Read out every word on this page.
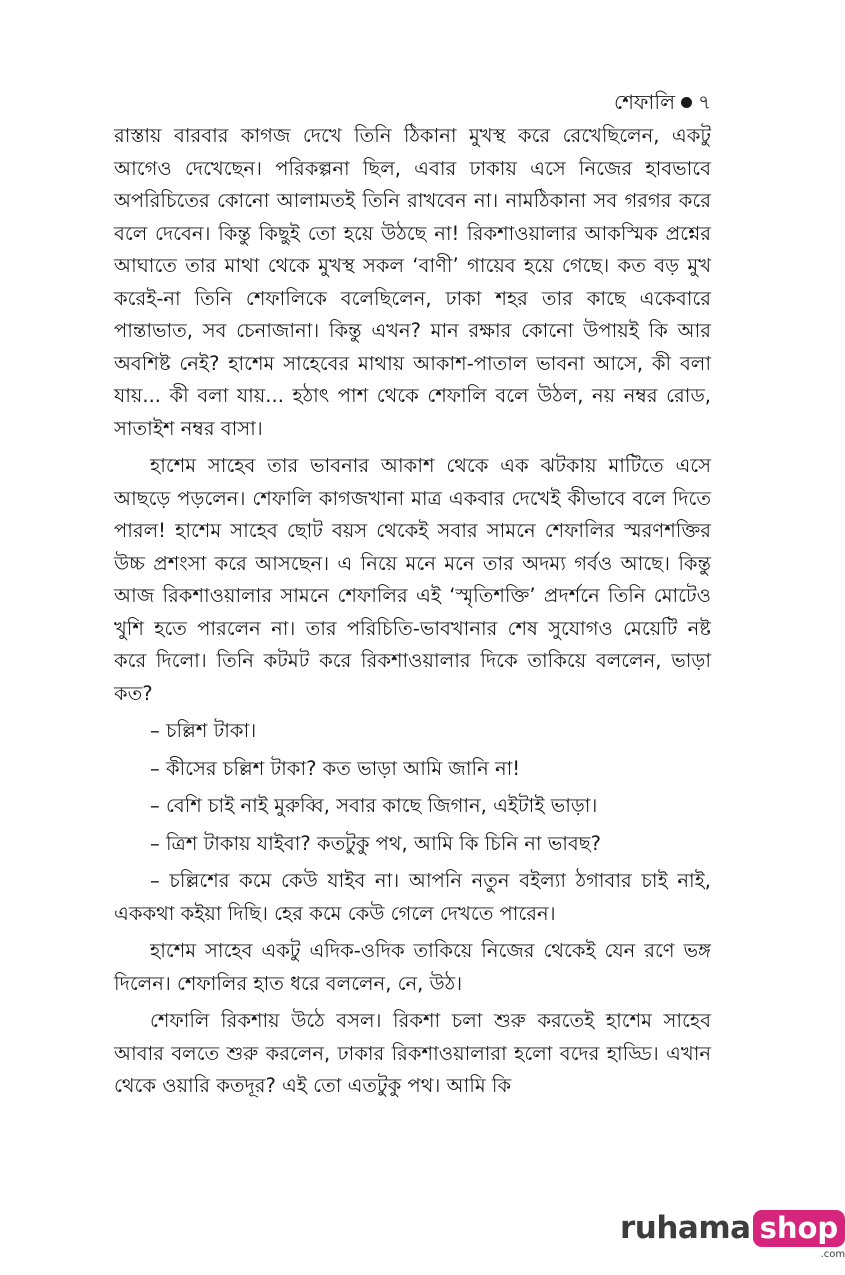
শেফালি ৭

রাস্তায় বারবার কাগজ দেখে তিনি ঠিকানা মুখস্থ করে রেখেছিলেন, একটু আগেও দেখেছেন। পরিকল্পনা ছিল, এবার ঢাকায় এসে নিজের হাবভাবে অপরিচিতের কোনো আলামতই তিনি রাখবেন না। নামঠিকানা সব গরগর করে বলে দেবেন। কিন্তু কিছুই তো হয়ে উঠছে না! রিকশাওয়ালার আকস্মিক প্রশ্নের আঘাতে তার মাথা থেকে মুখস্থ সকল ‘বাণী’ গায়েব হয়ে গেছে। কত বড় মুখ করেই-না তিনি শেফালিকে বলেছিলেন, ঢাকা শহর তার কাছে একেবারে পান্তাভাত, সব চেনাজানা। কিন্তু এখন? মান রক্ষার কোনো উপায়ই কি আর অবশিষ্ট নেই? হাশেম সাহেবের মাথায় আকাশ-পাতাল ভাবনা আসে, কী বলা যায়... কী বলা যায়... হঠাৎ পাশ থেকে শেফালি বলে উঠল, নয় নম্বর রোড, সাতাইশ নম্বর বাসা।

হাশেম সাহেব তার ভাবনার আকাশ থেকে এক ঝটকায় মাটিতে এসে আছড়ে পড়লেন। শেফালি কাগজখানা মাত্র একবার দেখেই কীভাবে বলে দিতে পারল! হাশেম সাহেব ছোট বয়স থেকেই সবার সামনে শেফালির স্মরণশক্তির উচ্চ প্রশংসা করে আসছেন। এ নিয়ে মনে মনে তার অদম্য গর্বও আছে। কিন্তু আজ রিকশাওয়ালার সামনে শেফালির এই ‘স্মৃতিশক্তি’ প্রদর্শনে তিনি মোটেও খুশি হতে পারলেন না। তার পরিচিতি-ভাবখানার শেষ সুযোগও মেয়েটি নষ্ট করে দিলো। তিনি কটমট করে রিকশাওয়ালার দিকে তাকিয়ে বললেন, ভাড়া কত?

– চল্লিশ টাকা।

– কীসের চল্লিশ টাকা? কত ভাড়া আমি জানি না!

– বেশি চাই নাই মুরুব্বি, সবার কাছে জিগান, এইটাই ভাড়া।

– ত্রিশ টাকায় যাইবা? কতটুকু পথ, আমি কি চিনি না ভাবছ?

– চল্লিশের কমে কেউ যাইব না। আপনি নতুন বইল্যা ঠগাবার চাই নাই, এককথা কইয়া দিছি। হের কমে কেউ গেলে দেখতে পারেন।

হাশেম সাহেব একটু এদিক-ওদিক তাকিয়ে নিজের থেকেই যেন রণে ভঙ্গ দিলেন। শেফালির হাত ধরে বললেন, নে, উঠ।

শেফালি রিকশায় উঠে বসল। রিকশা চলা শুরু করতেই হাশেম সাহেব আবার বলতে শুরু করলেন, ঢাকার রিকশাওয়ালারা হলো বদের হাড্ডি। এখান থেকে ওয়ারি কতদূর? এই তো এতটুকু পথ। আমি কি

ruhama shop
.com
